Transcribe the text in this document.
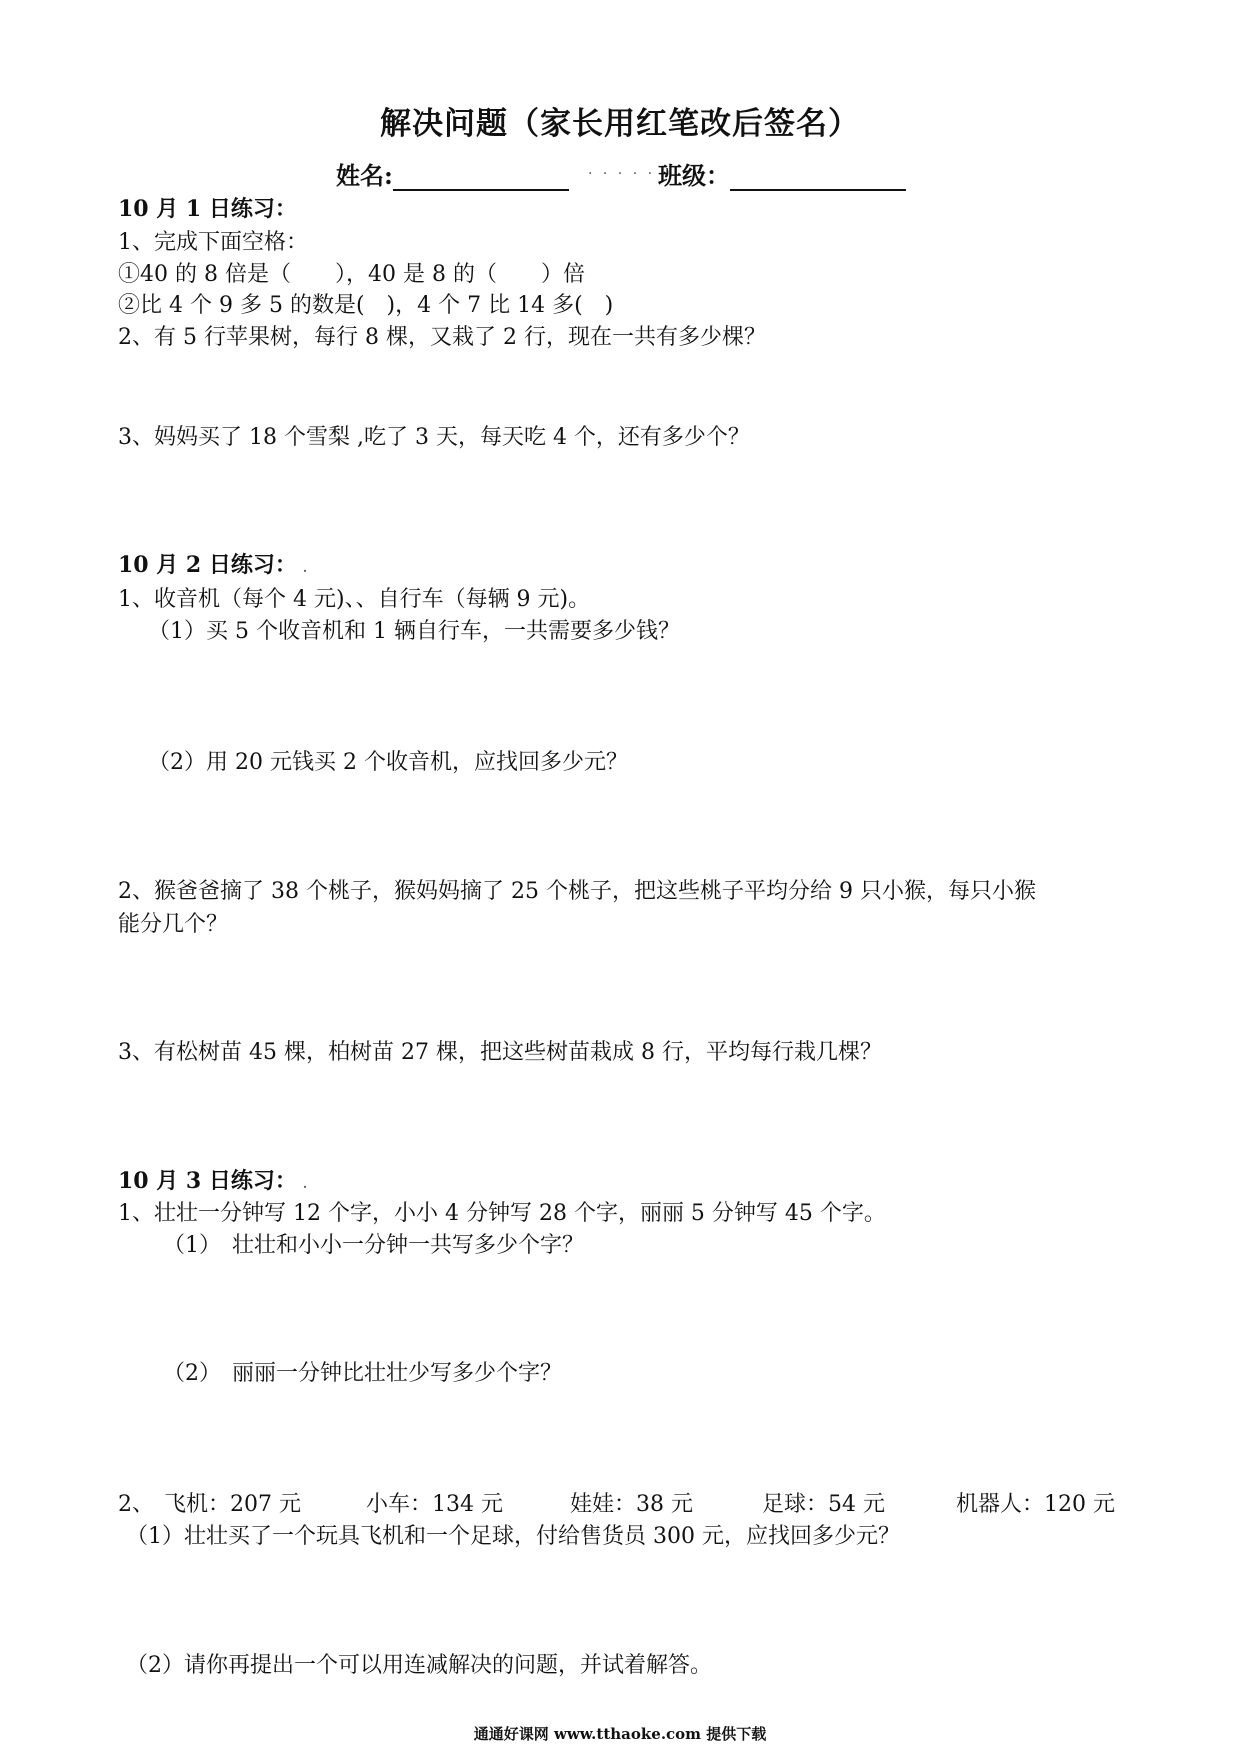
解决问题（家长用红笔改后签名）
姓名:	. . . . . 班级：
10 月 1 日练习：
1、完成下面空格：
①40 的 8 倍是（　　），40 是 8 的（　　）倍
②比 4 个 9 多 5 的数是(　)，4 个 7 比 14 多(　)
2、有 5 行苹果树，每行 8 棵，又栽了 2 行，现在一共有多少棵？
3、妈妈买了 18 个雪梨 ,吃了 3 天，每天吃 4 个，还有多少个？
10 月 2 日练习： .
1、收音机（每个 4 元)、、自行车（每辆 9 元)。
（1）买 5 个收音机和 1 辆自行车，一共需要多少钱？
（2）用 20 元钱买 2 个收音机，应找回多少元？
2、猴爸爸摘了 38 个桃子，猴妈妈摘了 25 个桃子，把这些桃子平均分给 9 只小猴，每只小猴
能分几个？
3、有松树苗 45 棵，柏树苗 27 棵，把这些树苗栽成 8 行，平均每行栽几棵？
10 月 3 日练习： .
1、壮壮一分钟写 12 个字，小小 4 分钟写 28 个字，丽丽 5 分钟写 45 个字。
（1）　壮壮和小小一分钟一共写多少个字？
（2）　丽丽一分钟比壮壮少写多少个字？
2、 飞机：207 元	小车：134 元	娃娃：38 元	足球：54 元	机器人：120 元
（1）壮壮买了一个玩具飞机和一个足球，付给售货员 300 元，应找回多少元？
（2）请你再提出一个可以用连减解决的问题，并试着解答。
通通好课网 www.tthaoke.com 提供下载
